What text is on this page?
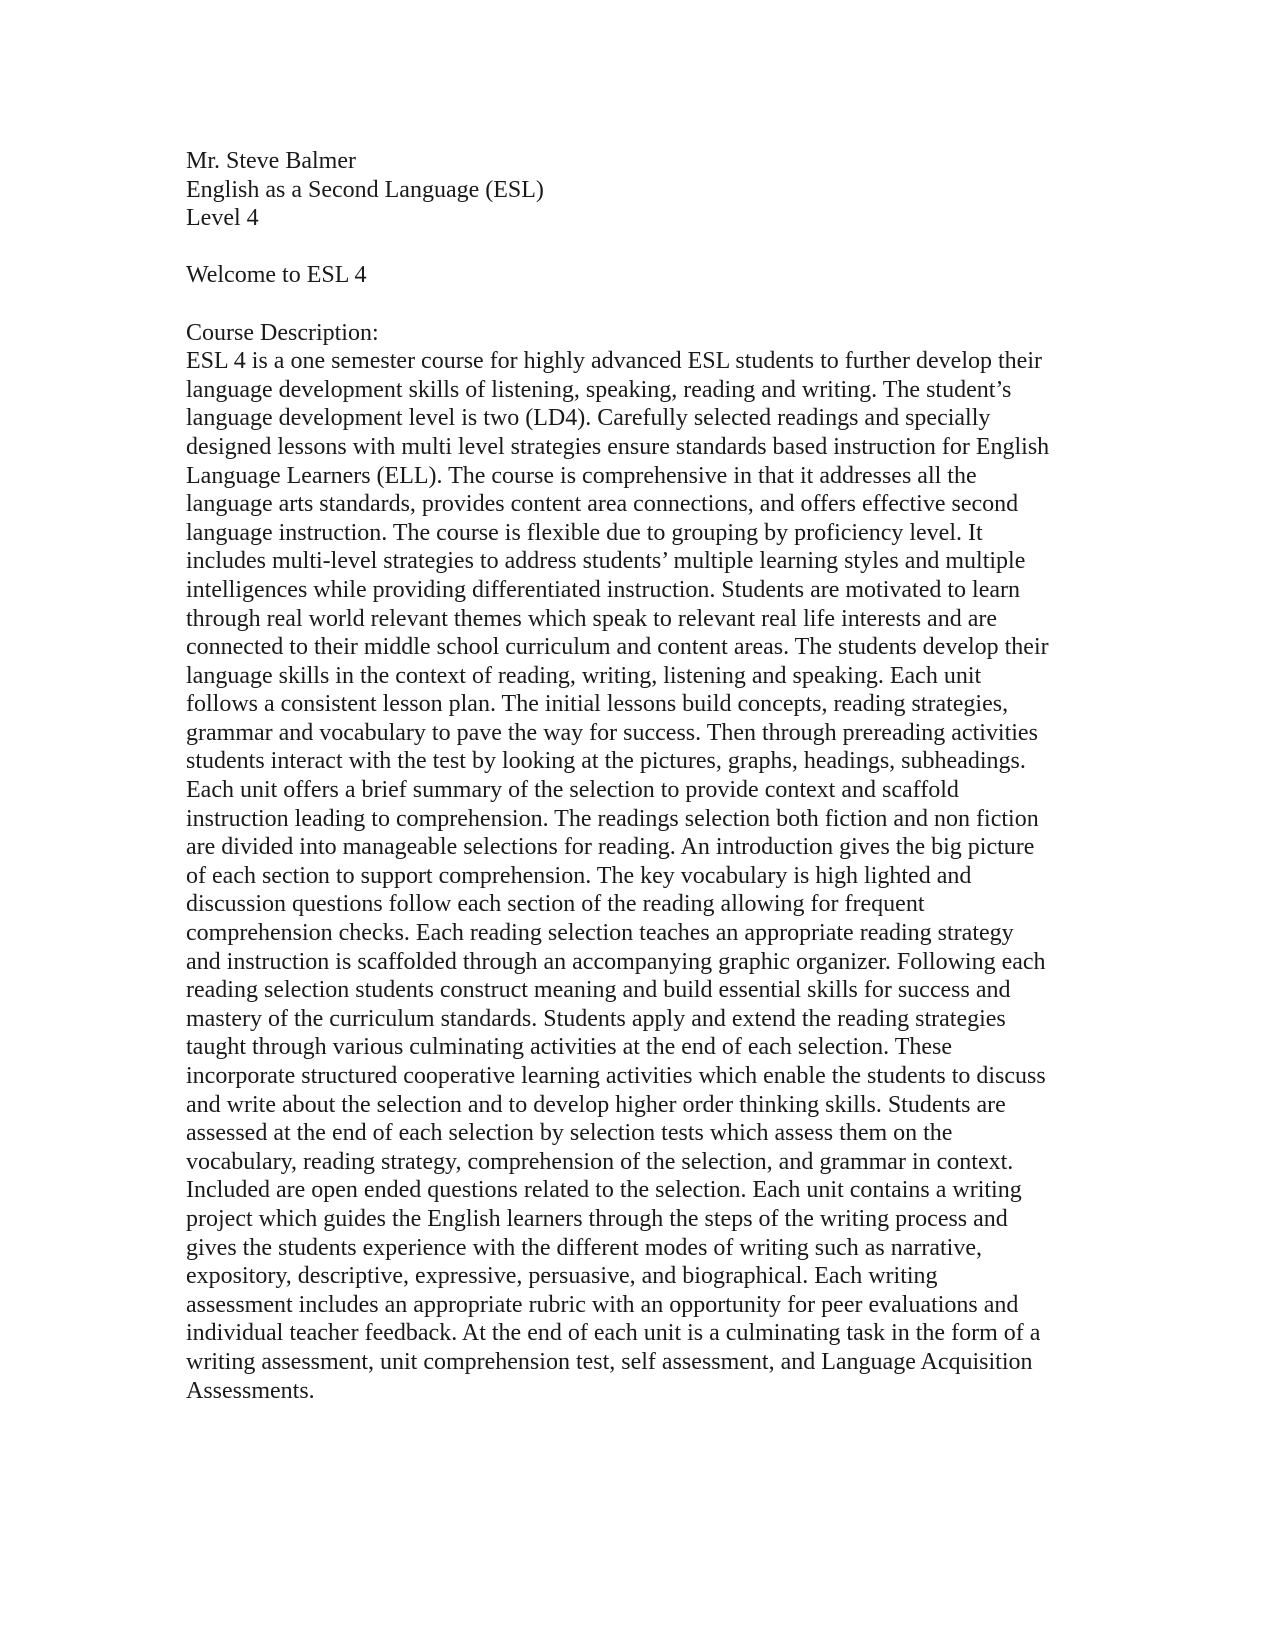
Mr. Steve Balmer
English as a Second Language (ESL)
Level 4
Welcome to ESL 4
Course Description:
ESL 4 is a one semester course for highly advanced ESL students to further develop their
language development skills of listening, speaking, reading and writing. The student’s
language development level is two (LD4). Carefully selected readings and specially
designed lessons with multi level strategies ensure standards based instruction for English
Language Learners (ELL). The course is comprehensive in that it addresses all the
language arts standards, provides content area connections, and offers effective second
language instruction. The course is flexible due to grouping by proficiency level. It
includes multi-level strategies to address students’ multiple learning styles and multiple
intelligences while providing differentiated instruction. Students are motivated to learn
through real world relevant themes which speak to relevant real life interests and are
connected to their middle school curriculum and content areas. The students develop their
language skills in the context of reading, writing, listening and speaking. Each unit
follows a consistent lesson plan. The initial lessons build concepts, reading strategies,
grammar and vocabulary to pave the way for success. Then through prereading activities
students interact with the test by looking at the pictures, graphs, headings, subheadings.
Each unit offers a brief summary of the selection to provide context and scaffold
instruction leading to comprehension. The readings selection both fiction and non fiction
are divided into manageable selections for reading. An introduction gives the big picture
of each section to support comprehension. The key vocabulary is high lighted and
discussion questions follow each section of the reading allowing for frequent
comprehension checks. Each reading selection teaches an appropriate reading strategy
and instruction is scaffolded through an accompanying graphic organizer. Following each
reading selection students construct meaning and build essential skills for success and
mastery of the curriculum standards. Students apply and extend the reading strategies
taught through various culminating activities at the end of each selection. These
incorporate structured cooperative learning activities which enable the students to discuss
and write about the selection and to develop higher order thinking skills. Students are
assessed at the end of each selection by selection tests which assess them on the
vocabulary, reading strategy, comprehension of the selection, and grammar in context.
Included are open ended questions related to the selection. Each unit contains a writing
project which guides the English learners through the steps of the writing process and
gives the students experience with the different modes of writing such as narrative,
expository, descriptive, expressive, persuasive, and biographical. Each writing
assessment includes an appropriate rubric with an opportunity for peer evaluations and
individual teacher feedback. At the end of each unit is a culminating task in the form of a
writing assessment, unit comprehension test, self assessment, and Language Acquisition
Assessments.
